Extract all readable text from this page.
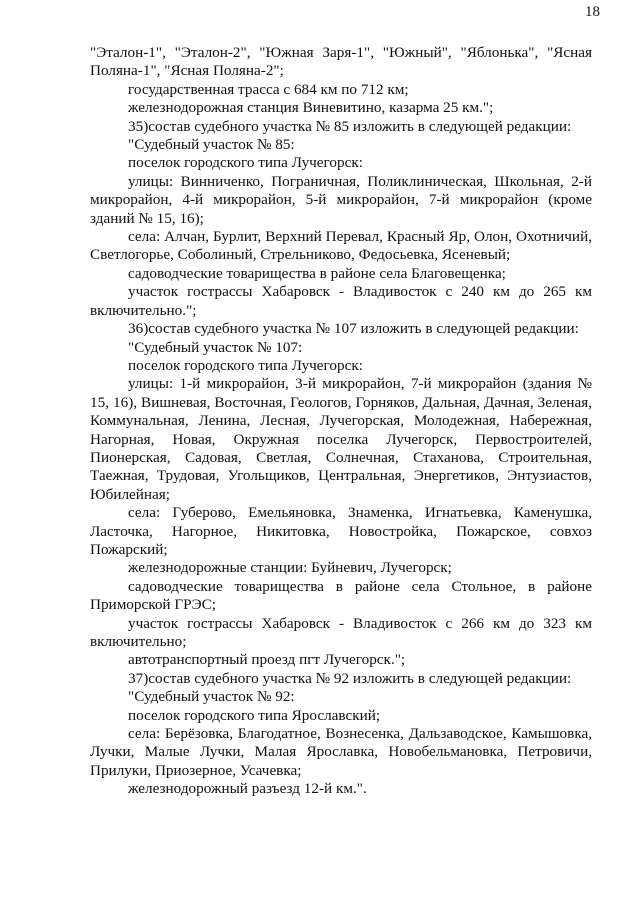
18

"Эталон-1", "Эталон-2", "Южная Заря-1", "Южный", "Яблонька", "Ясная Поляна-1", "Ясная Поляна-2";

государственная трасса с 684 км по 712 км;

железнодорожная станция Виневитино, казарма 25 км.";

35)состав судебного участка № 85 изложить в следующей редакции:

"Судебный участок № 85:

поселок городского типа Лучегорск:

улицы: Винниченко, Пограничная, Поликлиническая, Школьная, 2-й микрорайон, 4-й микрорайон, 5-й микрорайон, 7-й микрорайон (кроме зданий № 15, 16);

села: Алчан, Бурлит, Верхний Перевал, Красный Яр, Олон, Охотничий, Светлогорье, Соболиный, Стрельниково, Федосьевка, Ясеневый;

садоводческие товарищества в районе села Благовещенка;

участок гострассы Хабаровск - Владивосток с 240 км до 265 км включительно.";

36)состав судебного участка № 107 изложить в следующей редакции:

"Судебный участок № 107:

поселок городского типа Лучегорск:

улицы: 1-й микрорайон, 3-й микрорайон, 7-й микрорайон (здания № 15, 16), Вишневая, Восточная, Геологов, Горняков, Дальная, Дачная, Зеленая, Коммунальная, Ленина, Лесная, Лучегорская, Молодежная, Набережная, Нагорная, Новая, Окружная поселка Лучегорск, Первостроителей, Пионерская, Садовая, Светлая, Солнечная, Стаханова, Строительная, Таежная, Трудовая, Угольщиков, Центральная, Энергетиков, Энтузиастов, Юбилейная;

села: Губерово, Емельяновка, Знаменка, Игнатьевка, Каменушка, Ласточка, Нагорное, Никитовка, Новостройка, Пожарское, совхоз Пожарский;

железнодорожные станции: Буйневич, Лучегорск;

садоводческие товарищества в районе села Стольное, в районе Приморской ГРЭС;

участок гострассы Хабаровск - Владивосток с 266 км до 323 км включительно;

автотранспортный проезд пгт Лучегорск.";

37)состав судебного участка № 92 изложить в следующей редакции:

"Судебный участок № 92:

поселок городского типа Ярославский;

села: Берёзовка, Благодатное, Вознесенка, Дальзаводское, Камышовка, Лучки, Малые Лучки, Малая Ярославка, Новобельмановка, Петровичи, Прилуки, Приозерное, Усачевка;

железнодорожный разъезд 12-й км.".
